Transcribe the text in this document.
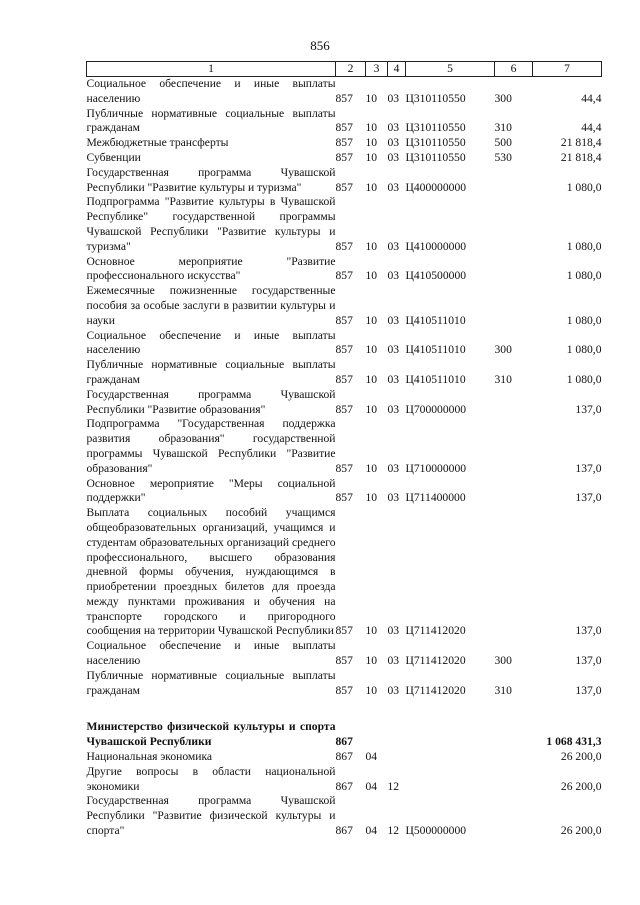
856
1	2	3	4	5	6	7
Социальное обеспечение и иные выплаты населению	857	10	03	Ц310110550	300	44,4
Публичные нормативные социальные выплаты гражданам	857	10	03	Ц310110550	310	44,4
Межбюджетные трансферты	857	10	03	Ц310110550	500	21 818,4
Субвенции	857	10	03	Ц310110550	530	21 818,4
Государственная программа Чувашской Республики "Развитие культуры и туризма"	857	10	03	Ц400000000		1 080,0
Подпрограмма "Развитие культуры в Чувашской Республике" государственной программы Чувашской Республики "Развитие культуры и туризма"	857	10	03	Ц410000000		1 080,0
Основное мероприятие "Развитие профессионального искусства"	857	10	03	Ц410500000		1 080,0
Ежемесячные пожизненные государственные пособия за особые заслуги в развитии культуры и науки	857	10	03	Ц410511010		1 080,0
Социальное обеспечение и иные выплаты населению	857	10	03	Ц410511010	300	1 080,0
Публичные нормативные социальные выплаты гражданам	857	10	03	Ц410511010	310	1 080,0
Государственная программа Чувашской Республики "Развитие образования"	857	10	03	Ц700000000		137,0
Подпрограмма "Государственная поддержка развития образования" государственной программы Чувашской Республики "Развитие образования"	857	10	03	Ц710000000		137,0
Основное мероприятие "Меры социальной поддержки"	857	10	03	Ц711400000		137,0
Выплата социальных пособий учащимся общеобразовательных организаций, учащимся и студентам образовательных организаций среднего профессионального, высшего образования дневной формы обучения, нуждающимся в приобретении проездных билетов для проезда между пунктами проживания и обучения на транспорте городского и пригородного сообщения на территории Чувашской Республики	857	10	03	Ц711412020		137,0
Социальное обеспечение и иные выплаты населению	857	10	03	Ц711412020	300	137,0
Публичные нормативные социальные выплаты гражданам	857	10	03	Ц711412020	310	137,0

Министерство физической культуры и спорта Чувашской Республики	867					1 068 431,3
Национальная экономика	867	04				26 200,0
Другие вопросы в области национальной экономики	867	04	12			26 200,0
Государственная программа Чувашской Республики "Развитие физической культуры и спорта"	867	04	12	Ц500000000		26 200,0
